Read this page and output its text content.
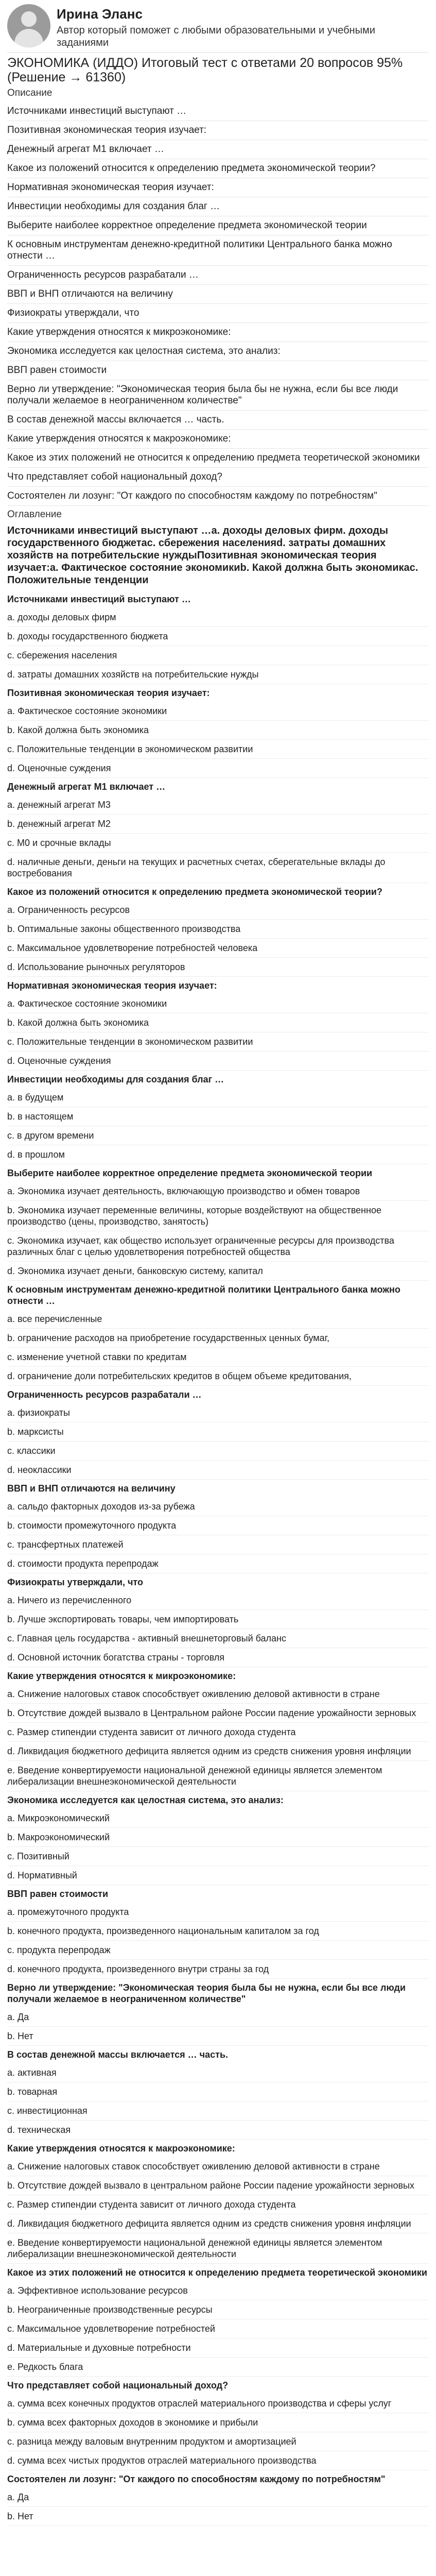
Ирина Эланс
Автор который поможет с любыми образовательными и учебными заданиями
ЭКОНОМИКА (ИДДО) Итоговый тест с ответами 20 вопросов 95% (Решение → 61360)
Описание
Источниками инвестиций выступают …
Позитивная экономическая теория изучает:
Денежный агрегат М1 включает …
Какое из положений относится к определению предмета экономической теории?
Нормативная экономическая теория изучает:
Инвестиции необходимы для создания благ …
Выберите наиболее корректное определение предмета экономической теории
К основным инструментам денежно-кредитной политики Центрального банка можно отнести …
Ограниченность ресурсов разрабатали …
ВВП и ВНП отличаются на величину
Физиократы утверждали, что
Какие утверждения относятся к микроэкономике:
Экономика исследуется как целостная система, это анализ:
ВВП равен стоимости
Верно ли утверждение: "Экономическая теория была бы не нужна, если бы все люди получали желаемое в неограниченном количестве"
В состав денежной массы включается … часть.
Какие утверждения относятся к макроэкономике:
Какое из этих положений не относится к определению предмета теоретической экономики
Что представляет собой национальный доход?
Состоятелен ли лозунг: "От каждого по способностям каждому по потребностям"
Оглавление
Источниками инвестиций выступают …а. доходы деловых фирм. доходы государственного бюджетаc. сбережения населенияd. затраты домашних хозяйств на потребительские нуждыПозитивная экономическая теория изучает:a. Фактическое состояние экономикиb. Какой должна быть экономикаc. Положительные тенденции
Источниками инвестиций выступают …
а. доходы деловых фирм
b. доходы государственного бюджета
c. сбережения населения
d. затраты домашних хозяйств на потребительские нужды
Позитивная экономическая теория изучает:
a. Фактическое состояние экономики
b. Какой должна быть экономика
c. Положительные тенденции в экономическом развитии
d. Оценочные суждения
Денежный агрегат М1 включает …
a. денежный агрегат М3
b. денежный агрегат М2
c. М0 и срочные вклады
d. наличные деньги, деньги на текущих и расчетных счетах, сберегательные вклады до востребования
Какое из положений относится к определению предмета экономической теории?
a. Ограниченность ресурсов
b. Оптимальные законы общественного производства
c. Максимальное удовлетворение потребностей человека
d. Использование рыночных регуляторов
Нормативная экономическая теория изучает:
a. Фактическое состояние экономики
b. Какой должна быть экономика
c. Положительные тенденции в экономическом развитии
d. Оценочные суждения
Инвестиции необходимы для создания благ …
a. в будущем
b. в настоящем
c. в другом времени
d. в прошлом
Выберите наиболее корректное определение предмета экономической теории
a. Экономика изучает деятельность, включающую производство и обмен товаров
b. Экономика изучает переменные величины, которые воздействуют на общественное производство (цены, производство, занятость)
c. Экономика изучает, как общество использует ограниченные ресурсы для производства различных благ с целью удовлетворения потребностей общества
d. Экономика изучает деньги, банковскую систему, капитал
К основным инструментам денежно-кредитной политики Центрального банка можно отнести …
a. все перечисленные
b. ограничение расходов на приобретение государственных ценных бумаг,
c. изменение учетной ставки по кредитам
d. ограничение доли потребительских кредитов в общем объеме кредитования,
Ограниченность ресурсов разрабатали …
a. физиократы
b. марксисты
c. классики
d. неоклассики
ВВП и ВНП отличаются на величину
a. сальдо факторных доходов из-за рубежа
b. стоимости промежуточного продукта
c. трансфертных платежей
d. стоимости продукта перепродаж
Физиократы утверждали, что
a. Ничего из перечисленного
b. Лучше экспортировать товары, чем импортировать
c. Главная цель государства - активный внешнеторговый баланс
d. Основной источник богатства страны - торговля
Какие утверждения относятся к микроэкономике:
a. Снижение налоговых ставок способствует оживлению деловой активности в стране
b. Отсутствие дождей вызвало в Центральном районе России падение урожайности зерновых
c. Размер стипендии студента зависит от личного дохода студента
d. Ликвидация бюджетного дефицита является одним из средств снижения уровня инфляции
e. Введение конвертируемости национальной денежной единицы является элементом либерализации внешнеэкономической деятельности
Экономика исследуется как целостная система, это анализ:
a. Микроэкономический
b. Макроэкономический
c. Позитивный
d. Нормативный
ВВП равен стоимости
a. промежуточного продукта
b. конечного продукта, произведенного национальным капиталом за год
c. продукта перепродаж
d. конечного продукта, произведенного внутри страны за год
Верно ли утверждение: "Экономическая теория была бы не нужна, если бы все люди получали желаемое в неограниченном количестве"
a. Да
b. Нет
В состав денежной массы включается … часть.
a. активная
b. товарная
c. инвестиционная
d. техническая
Какие утверждения относятся к макроэкономике:
a. Снижение налоговых ставок способствует оживлению деловой активности в стране
b. Отсутствие дождей вызвало в центральном районе России падение урожайности зерновых
c. Размер стипендии студента зависит от личного дохода студента
d. Ликвидация бюджетного дефицита является одним из средств снижения уровня инфляции
e. Введение конвертируемости национальной денежной единицы является элементом либерализации внешнеэкономической деятельности
Какое из этих положений не относится к определению предмета теоретической экономики
a. Эффективное использование ресурсов
b. Неограниченные производственные ресурсы
c. Максимальное удовлетворение потребностей
d. Материальные и духовные потребности
e. Редкость блага
Что представляет собой национальный доход?
a. сумма всех конечных продуктов отраслей материального производства и сферы услуг
b. сумма всех факторных доходов в экономике и прибыли
c. разница между валовым внутренним продуктом и амортизацией
d. сумма всех чистых продуктов отраслей материального производства
Состоятелен ли лозунг: "От каждого по способностям каждому по потребностям"
a. Да
b. Нет
